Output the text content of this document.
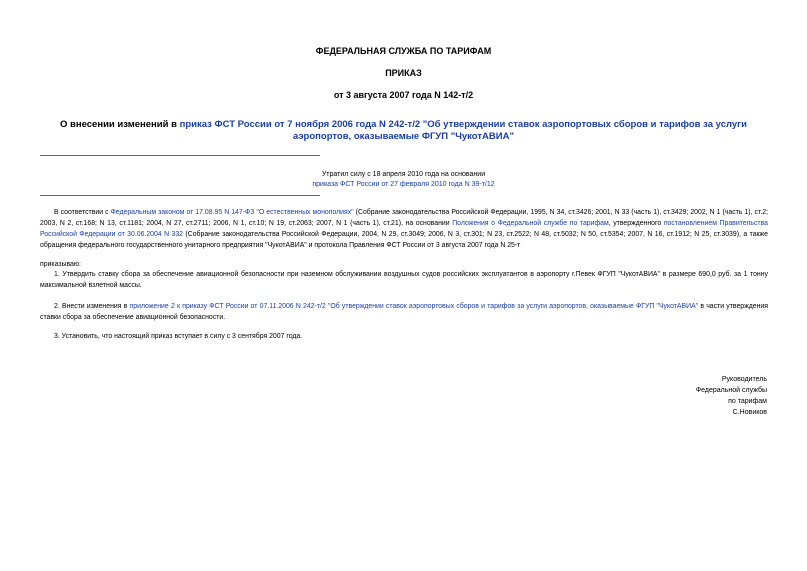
ФЕДЕРАЛЬНАЯ СЛУЖБА ПО ТАРИФАМ
ПРИКАЗ
от 3 августа 2007 года N 142-т/2
О внесении изменений в приказ ФСТ России от 7 ноября 2006 года N 242-т/2 "Об утверждении ставок аэропортовых сборов и тарифов за услуги аэропортов, оказываемые ФГУП "ЧукотАВИА"
Утратил силу с 18 апреля 2010 года на основании
приказа ФСТ России от 27 февраля 2010 года N 39-т/12
В соответствии с Федеральным законом от 17.08.95 N 147-ФЗ "О естественных монополиях" (Собрание законодательства Российской Федерации, 1995, N 34, ст.3426; 2001, N 33 (часть 1), ст.3429; 2002, N 1 (часть 1), ст.2; 2003, N 2, ст.168; N 13, ст.1181; 2004, N 27, ст.2711; 2006, N 1, ст.10; N 19, ст.2063; 2007, N 1 (часть 1), ст.21), на основании Положения о Федеральной службе по тарифам, утвержденного постановлением Правительства Российской Федерации от 30.06.2004 N 332 (Собрание законодательства Российской Федерации, 2004, N 29, ст.3049; 2006, N 3, ст.301; N 23, ст.2522; N 48, ст.5032; N 50, ст.5354; 2007, N 16, ст.1912; N 25, ст.3039), а также обращения федерального государственного унитарного предприятия "ЧукотАВИА" и протокола Правления ФСТ России от 3 августа 2007 года N 25-т
приказываю:
1. Утвердить ставку сбора за обеспечение авиационной безопасности при наземном обслуживании воздушных судов российских эксплуатантов в аэропорту г.Певек ФГУП "ЧукотАВИА" в размере 690,0 руб. за 1 тонну максимальной взлетной массы.
2. Внести изменения в приложение 2 к приказу ФСТ России от 07.11.2006 N 242-т/2 "Об утверждении ставок аэропортовых сборов и тарифов за услуги аэропортов, оказываемые ФГУП "ЧукотАВИА" в части утверждения ставки сбора за обеспечение авиационной безопасности.
3. Установить, что настоящий приказ вступает в силу с 3 сентября 2007 года.
Руководитель
Федеральной службы
по тарифам
С.Новиков
